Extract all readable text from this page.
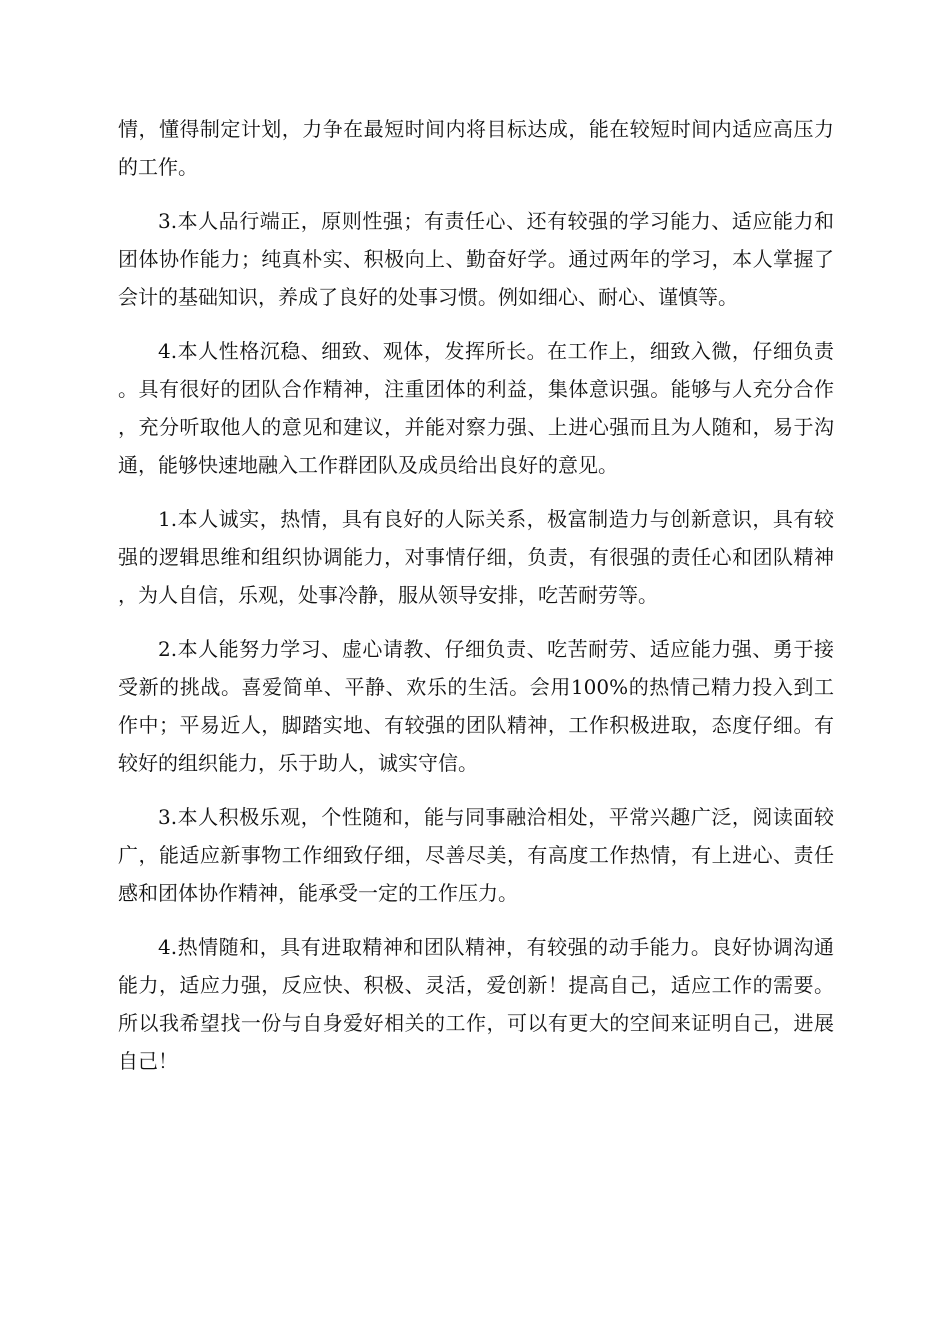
情，懂得制定计划，力争在最短时间内将目标达成，能在较短时间内适应高压力的工作。

3.本人品行端正，原则性强；有责任心、还有较强的学习能力、适应能力和团体协作能力；纯真朴实、积极向上、勤奋好学。通过两年的学习，本人掌握了会计的基础知识，养成了良好的处事习惯。例如细心、耐心、谨慎等。

4.本人性格沉稳、细致、观体，发挥所长。在工作上，细致入微，仔细负责。具有很好的团队合作精神，注重团体的利益，集体意识强。能够与人充分合作，充分听取他人的意见和建议，并能对察力强、上进心强而且为人随和，易于沟通，能够快速地融入工作群团队及成员给出良好的意见。

1.本人诚实，热情，具有良好的人际关系，极富制造力与创新意识，具有较强的逻辑思维和组织协调能力，对事情仔细，负责，有很强的责任心和团队精神，为人自信，乐观，处事冷静，服从领导安排，吃苦耐劳等。

2.本人能努力学习、虚心请教、仔细负责、吃苦耐劳、适应能力强、勇于接受新的挑战。喜爱简单、平静、欢乐的生活。会用100%的热情己精力投入到工作中；平易近人，脚踏实地、有较强的团队精神，工作积极进取，态度仔细。有较好的组织能力，乐于助人，诚实守信。

3.本人积极乐观，个性随和，能与同事融洽相处，平常兴趣广泛，阅读面较广，能适应新事物工作细致仔细，尽善尽美，有高度工作热情，有上进心、责任感和团体协作精神，能承受一定的工作压力。

4.热情随和，具有进取精神和团队精神，有较强的动手能力。良好协调沟通能力，适应力强，反应快、积极、灵活，爱创新！提高自己，适应工作的需要。所以我希望找一份与自身爱好相关的工作，可以有更大的空间来证明自己，进展自己！
